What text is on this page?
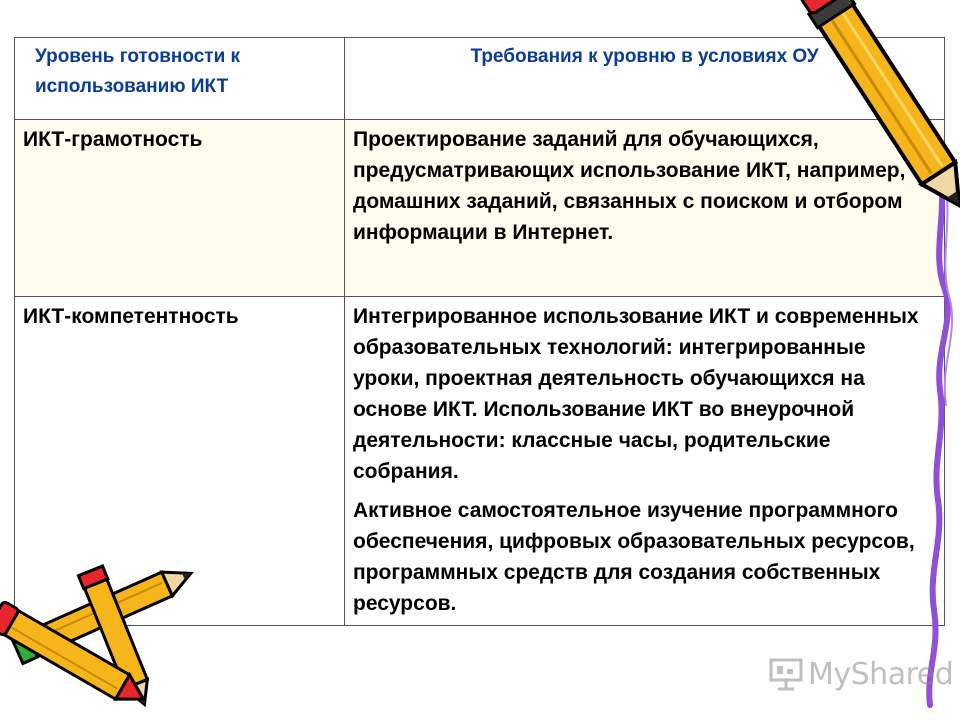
Уровень готовности к использованию ИКТ	Требования к уровню в условиях ОУ
ИКТ-грамотность	Проектирование заданий для обучающихся, предусматривающих использование ИКТ, например, домашних заданий, связанных с поиском и отбором информации в Интернет.

ИКТ-компетентность	Интегрированное использование ИКТ и современных образовательных технологий: интегрированные уроки, проектная деятельность обучающихся на основе ИКТ. Использование ИКТ во внеурочной деятельности: классные часы, родительские собрания.
Активное самостоятельное изучение программного обеспечения, цифровых образовательных ресурсов, программных средств для создания собственных ресурсов.
MyShared
